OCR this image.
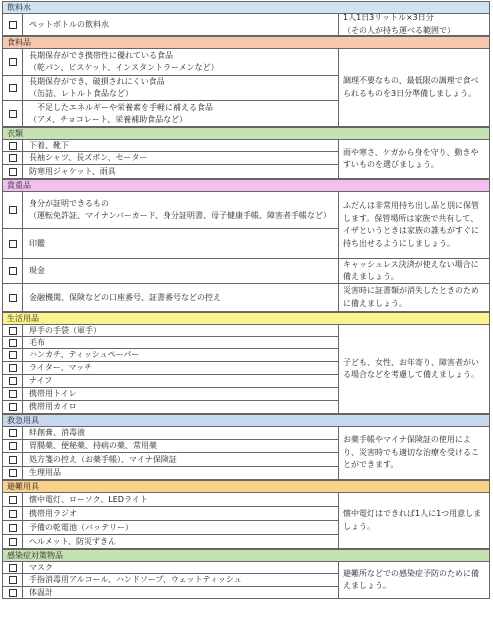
飲料水
ペットボトルの飲料水
1人1日3リットル×3日分
（その人が持ち運べる範囲で）
食料品
長期保存ができ携帯性に優れている食品
（乾パン、ビスケット、インスタントラーメンなど）
長期保存ができ、破損されにくい食品
（缶詰、レトルト食品など）
　不足したエネルギーや栄養素を手軽に補える食品
（アメ、チョコレート、栄養補助食品など）
調理不要なもの、最低限の調理で食べられるものを3日分準備しましょう。
衣類
下着、靴下
長袖シャツ、長ズボン、セーター
防寒用ジャケット、雨具
雨や寒さ、ケガから身を守り、動きやすいものを選びましょう。
貴重品
身分が証明できるもの
（運転免許証、マイナンバーカード、身分証明書、母子健康手帳、障害者手帳など）
印鑑
現金
金融機関、保険などの口座番号、証書番号などの控え
ふだんは非常用持ち出し品と別に保管します。保管場所は家族で共有して、イザというときは家族の誰もがすぐに持ち出せるようにしましょう。
キャッシュレス決済が使えない場合に備えましょう。
災害時に証書類が消失したときのために備えましょう。
生活用品
厚手の手袋（軍手）
毛布
ハンカチ、ティッシュペーパー
ライター、マッチ
ナイフ
携帯用トイレ
携帯用カイロ
子ども、女性、お年寄り、障害者がいる場合などを考慮して備えましょう。
救急用具
絆創膏、消毒液
胃腸薬、便秘薬、持病の薬、常用薬
処方箋の控え（お薬手帳）、マイナ保険証
生理用品
お薬手帳やマイナ保険証の使用により、災害時でも適切な治療を受けることができます。
避難用具
懐中電灯、ローソク、LEDライト
携帯用ラジオ
予備の乾電池（バッテリー）
ヘルメット、防災ずきん
懐中電灯はできれば1人に1つ用意しましょう。
感染症対策物品
マスク
手指消毒用アルコール、ハンドソープ、ウェットティッシュ
体温計
避難所などでの感染症予防のために備えましょう。
